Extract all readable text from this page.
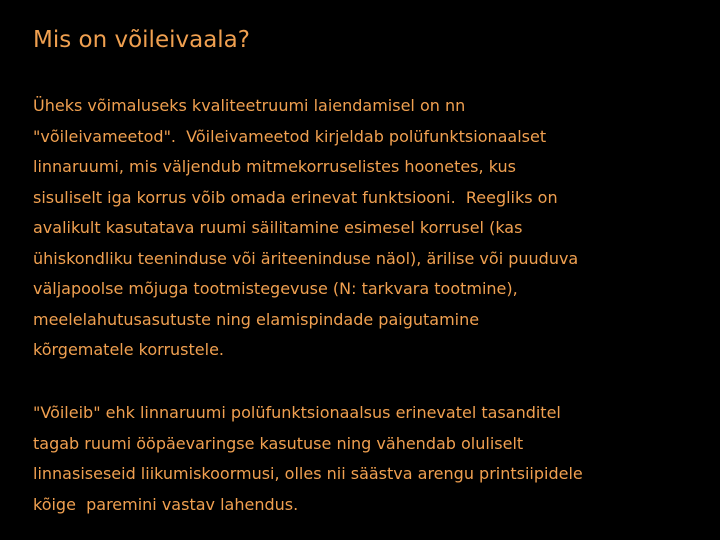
Mis on võileivaala?

Üheks võimaluseks kvaliteetruumi laiendamisel on nn
"võileivameetod".  Võileivameetod kirjeldab polüfunktsionaalset
linnaruumi, mis väljendub mitmekorruselistes hoonetes, kus
sisuliselt iga korrus võib omada erinevat funktsiooni.  Reegliks on
avalikult kasutatava ruumi säilitamine esimesel korrusel (kas
ühiskondliku teeninduse või äriteeninduse näol), ärilise või puuduva
väljapoolse mõjuga tootmistegevuse (N: tarkvara tootmine),
meelelahutusasutuste ning elamispindade paigutamine
kõrgematele korrustele.

"Võileib" ehk linnaruumi polüfunktsionaalsus erinevatel tasanditel
tagab ruumi ööpäevaringse kasutuse ning vähendab oluliselt
linnasiseseid liikumiskoormusi, olles nii säästva arengu printsiipidele
kõige  paremini vastav lahendus.
